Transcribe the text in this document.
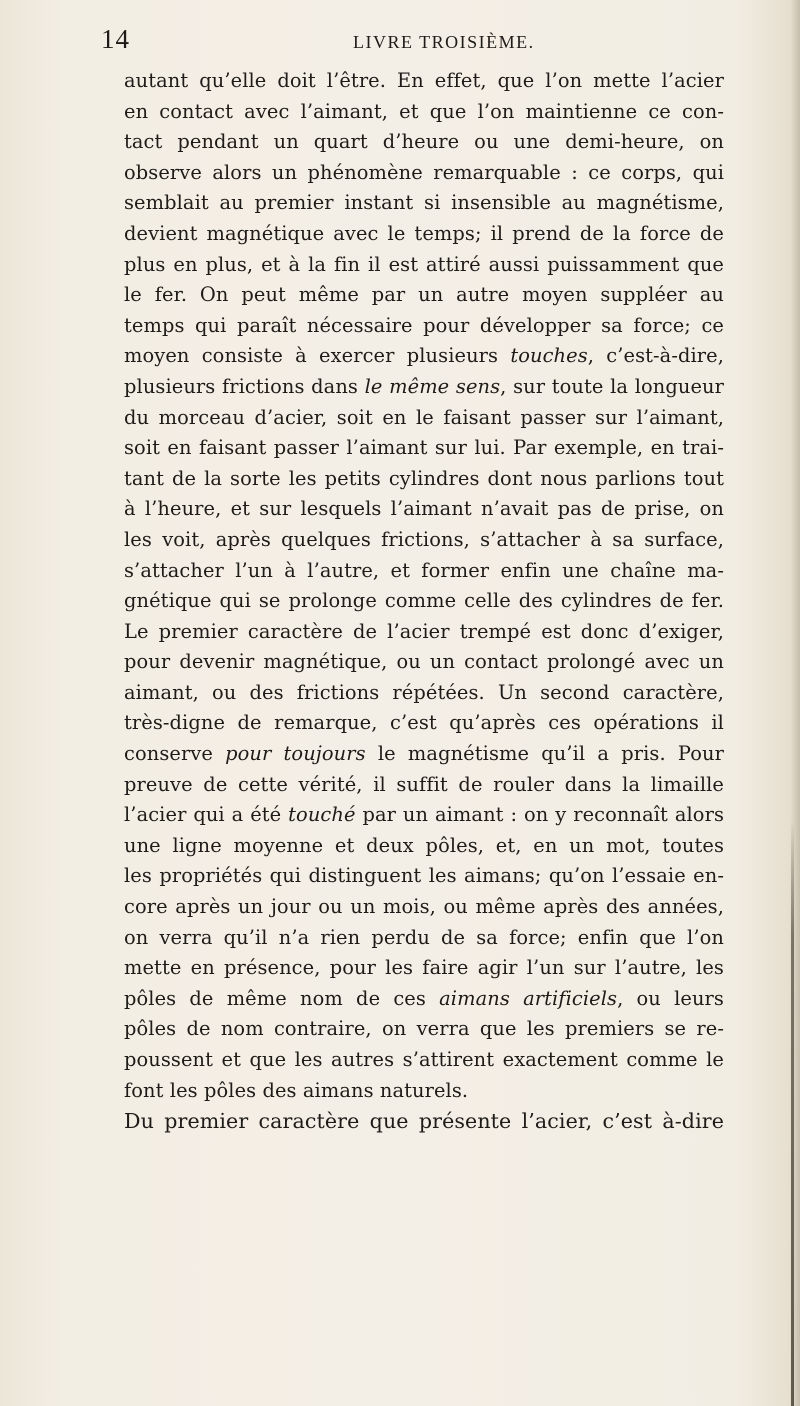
14	LIVRE TROISIÈME.
autant qu’elle doit l’être. En effet, que l’on mette l’acier
en contact avec l’aimant, et que l’on maintienne ce con-
tact pendant un quart d’heure ou une demi-heure, on
observe alors un phénomène remarquable : ce corps, qui
semblait au premier instant si insensible au magnétisme,
devient magnétique avec le temps; il prend de la force de
plus en plus, et à la fin il est attiré aussi puissamment que
le fer. On peut même par un autre moyen suppléer au
temps qui paraît nécessaire pour développer sa force; ce
moyen consiste à exercer plusieurs touches, c’est-à-dire,
plusieurs frictions dans le même sens, sur toute la longueur
du morceau d’acier, soit en le faisant passer sur l’aimant,
soit en faisant passer l’aimant sur lui. Par exemple, en trai-
tant de la sorte les petits cylindres dont nous parlions tout
à l’heure, et sur lesquels l’aimant n’avait pas de prise, on
les voit, après quelques frictions, s’attacher à sa surface,
s’attacher l’un à l’autre, et former enfin une chaîne ma-
gnétique qui se prolonge comme celle des cylindres de fer.
Le premier caractère de l’acier trempé est donc d’exiger,
pour devenir magnétique, ou un contact prolongé avec un
aimant, ou des frictions répétées. Un second caractère,
très-digne de remarque, c’est qu’après ces opérations il
conserve pour toujours le magnétisme qu’il a pris. Pour
preuve de cette vérité, il suffit de rouler dans la limaille
l’acier qui a été touché par un aimant : on y reconnaît alors
une ligne moyenne et deux pôles, et, en un mot, toutes
les propriétés qui distinguent les aimans; qu’on l’essaie en-
core après un jour ou un mois, ou même après des années,
on verra qu’il n’a rien perdu de sa force; enfin que l’on
mette en présence, pour les faire agir l’un sur l’autre, les
pôles de même nom de ces aimans artificiels, ou leurs
pôles de nom contraire, on verra que les premiers se re-
poussent et que les autres s’attirent exactement comme le
font les pôles des aimans naturels.
Du premier caractère que présente l’acier, c’est à-dire
